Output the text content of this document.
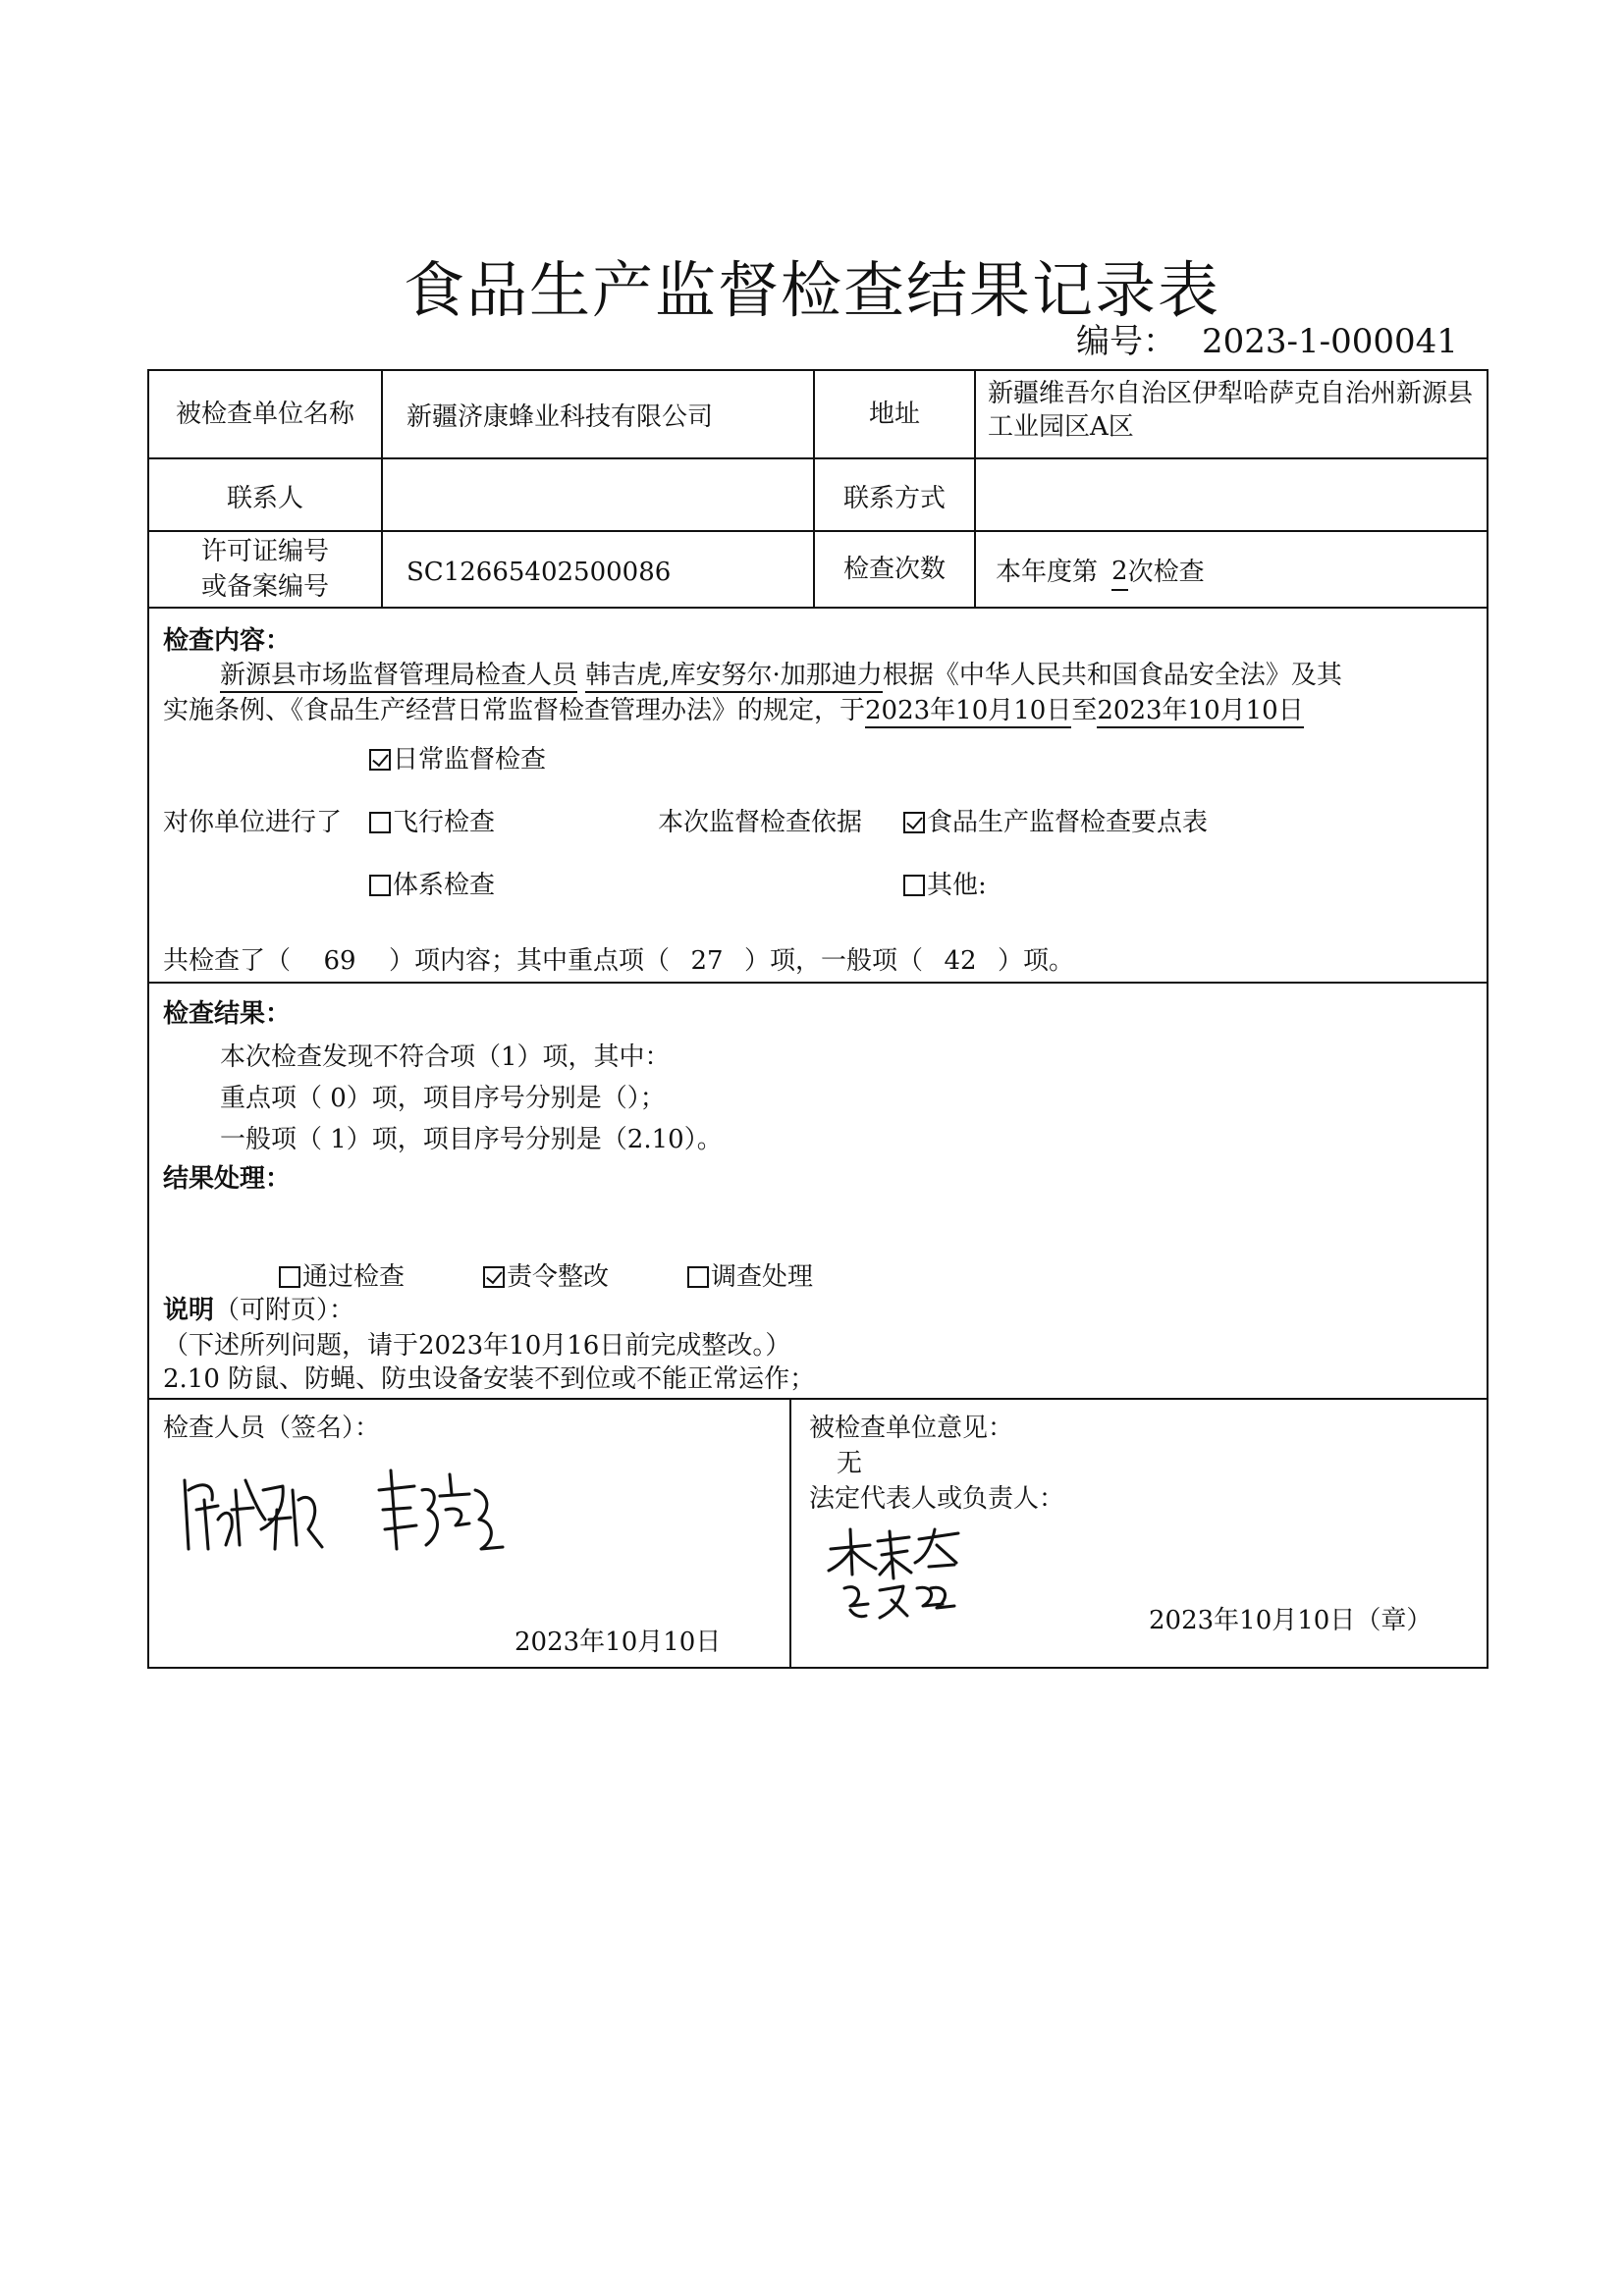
食品生产监督检查结果记录表
编号： 2023-1-000041
被检查单位名称	新疆济康蜂业科技有限公司	地址
新疆维吾尔自治区伊犁哈萨克自治州新源县工业园区A区
联系人	联系方式
许可证编号
或备案编号	SC12665402500086	检查次数	本年度第 2 次检查
检查内容：
新源县市场监督管理局检查人员 韩吉虎,库安努尔·加那迪力根据《中华人民共和国食品安全法》及其
实施条例、《食品生产经营日常监督检查管理办法》的规定，于2023年10月10日至2023年10月10日
日常监督检查
对你单位进行了	飞行检查	本次监督检查依据	食品生产监督检查要点表
体系检查	其他:
共检查了（ 69 ）项内容；其中重点项（ 27 ）项，一般项（ 42 ）项。
检查结果：
本次检查发现不符合项（1）项，其中：
重点项（ 0）项，项目序号分别是（）；
一般项（ 1）项，项目序号分别是（2.10）。
结果处理：
通过检查	责令整改	调查处理
说明（可附页）：
（下述所列问题，请于2023年10月16日前完成整改。）
2.10 防鼠、防蝇、防虫设备安装不到位或不能正常运作；
检查人员（签名）：
2023年10月10日
被检查单位意见：
无
法定代表人或负责人：
2023年10月10日（章）
